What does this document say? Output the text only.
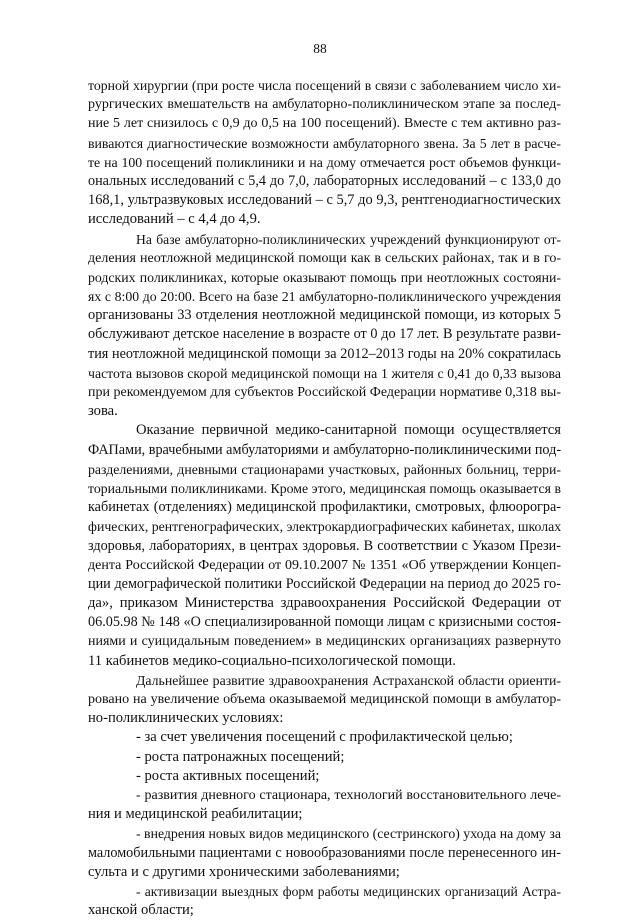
88
торной хирургии (при росте числа посещений в связи с заболеванием число хи-
рургических вмешательств на амбулаторно-поликлиническом этапе за послед-
ние 5 лет снизилось с 0,9 до 0,5 на 100 посещений). Вместе с тем активно раз-
виваются диагностические возможности амбулаторного звена. За 5 лет в расче-
те на 100 посещений поликлиники и на дому отмечается рост объемов функци-
ональных исследований с 5,4 до 7,0, лабораторных исследований – с 133,0 до
168,1, ультразвуковых исследований – с 5,7 до 9,3, рентгенодиагностических
исследований – с 4,4 до 4,9.
На базе амбулаторно-поликлинических учреждений функционируют от-
деления неотложной медицинской помощи как в сельских районах, так и в го-
родских поликлиниках, которые оказывают помощь при неотложных состояни-
ях с 8:00 до 20:00. Всего на базе 21 амбулаторно-поликлинического учреждения
организованы 33 отделения неотложной медицинской помощи, из которых 5
обслуживают детское население в возрасте от 0 до 17 лет. В результате разви-
тия неотложной медицинской помощи за 2012–2013 годы на 20% сократилась
частота вызовов скорой медицинской помощи на 1 жителя с 0,41 до 0,33 вызова
при рекомендуемом для субъектов Российской Федерации нормативе 0,318 вы-
зова.
Оказание первичной медико-санитарной помощи осуществляется
ФАПами, врачебными амбулаториями и амбулаторно-поликлиническими под-
разделениями, дневными стационарами участковых, районных больниц, терри-
ториальными поликлиниками. Кроме этого, медицинская помощь оказывается в
кабинетах (отделениях) медицинской профилактики, смотровых, флюорогра-
фических, рентгенографических, электрокардиографических кабинетах, школах
здоровья, лабораториях, в центрах здоровья. В соответствии с Указом Прези-
дента Российской Федерации от 09.10.2007 № 1351 «Об утверждении Концеп-
ции демографической политики Российской Федерации на период до 2025 го-
да», приказом Министерства здравоохранения Российской Федерации от
06.05.98 № 148 «О специализированной помощи лицам с кризисными состоя-
ниями и суицидальным поведением» в медицинских организациях развернуто
11 кабинетов медико-социально-психологической помощи.
Дальнейшее развитие здравоохранения Астраханской области ориенти-
ровано на увеличение объема оказываемой медицинской помощи в амбулатор-
но-поликлинических условиях:
- за счет увеличения посещений с профилактической целью;
- роста патронажных посещений;
- роста активных посещений;
- развития дневного стационара, технологий восстановительного лече-
ния и медицинской реабилитации;
- внедрения новых видов медицинского (сестринского) ухода на дому за
маломобильными пациентами с новообразованиями после перенесенного ин-
сульта и с другими хроническими заболеваниями;
- активизации выездных форм работы медицинских организаций Астра-
ханской области;
